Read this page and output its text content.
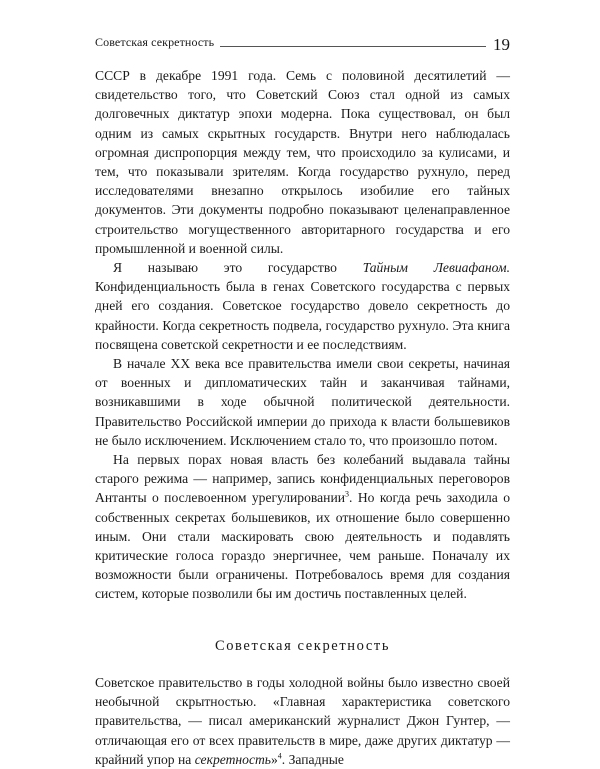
Советская секретность	19

СССР в декабре 1991 года. Семь с половиной десятилетий — свидетельство того, что Советский Союз стал одной из самых долговечных диктатур эпохи модерна. Пока существовал, он был одним из самых скрытных государств. Внутри него наблюдалась огромная диспропорция между тем, что происходило за кулисами, и тем, что показывали зрителям. Когда государство рухнуло, перед исследователями внезапно открылось изобилие его тайных документов. Эти документы подробно показывают целенаправленное строительство могущественного авторитарного государства и его промышленной и военной силы.

Я называю это государство Тайным Левиафаном. Конфиденциальность была в генах Советского государства с первых дней его создания. Советское государство довело секретность до крайности. Когда секретность подвела, государство рухнуло. Эта книга посвящена советской секретности и ее последствиям.

В начале XX века все правительства имели свои секреты, начиная от военных и дипломатических тайн и заканчивая тайнами, возникавшими в ходе обычной политической деятельности. Правительство Российской империи до прихода к власти большевиков не было исключением. Исключением стало то, что произошло потом.

На первых порах новая власть без колебаний выдавала тайны старого режима — например, запись конфиденциальных переговоров Антанты о послевоенном урегулировании$^3$. Но когда речь заходила о собственных секретах большевиков, их отношение было совершенно иным. Они стали маскировать свою деятельность и подавлять критические голоса гораздо энергичнее, чем раньше. Поначалу их возможности были ограничены. Потребовалось время для создания систем, которые позволили бы им достичь поставленных целей.

Советская секретность

Советское правительство в годы холодной войны было известно своей необычной скрытностью. «Главная характеристика советского правительства, — писал американский журналист Джон Гунтер, — отличающая его от всех правительств в мире, даже других диктатур — крайний упор на секретность»$^4$. Западные
